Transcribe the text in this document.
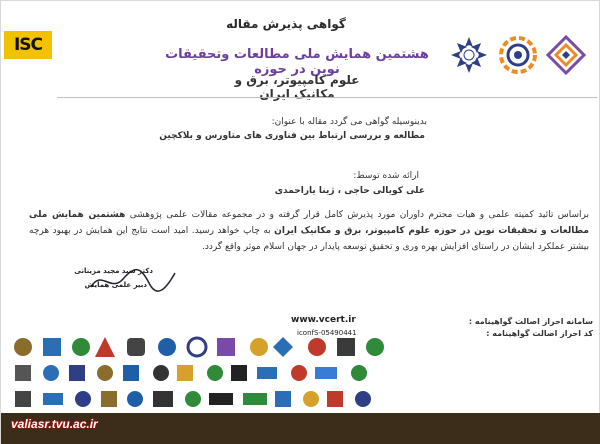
ISC
گواهی پذیرش مقاله
هشتمین همایش ملی مطالعات وتحقیقات نوین در حوزه
علوم کامپیوتر، برق و مکانیک ایران
بدینوسیله گواهی می گردد مقاله با عنوان:
مطالعه و بررسی ارتباط بین فناوری های متاورس و بلاکچین
ارائه شده توسط:
علی کویالی حاجی ، ژینا یاراحمدی
براساس تائید کمیته علمی و هیات محترم داوران مورد پذیرش کامل قرار گرفته و در مجموعه مقالات علمی پژوهشی هشتمین همایش ملی مطالعات و تحقیقات نوین در حوزه علوم کامپیوتر، برق و مکانیک ایران به چاپ خواهد رسید. امید است نتایج این همایش در بهبود هرچه بیشتر عملکرد ایشان در راستای افزایش بهره وری و تحقیق توسعه پایدار در جهان اسلام موثر واقع گردد.
دکتر سید مجید مزینانی
دبیر علمی همایش
سامانه احراز اصالت گواهینامه :
www.vcert.ir
کد احراز اصالت گواهینامه :
iconfS-05490441
valiasr.tvu.ac.ir
